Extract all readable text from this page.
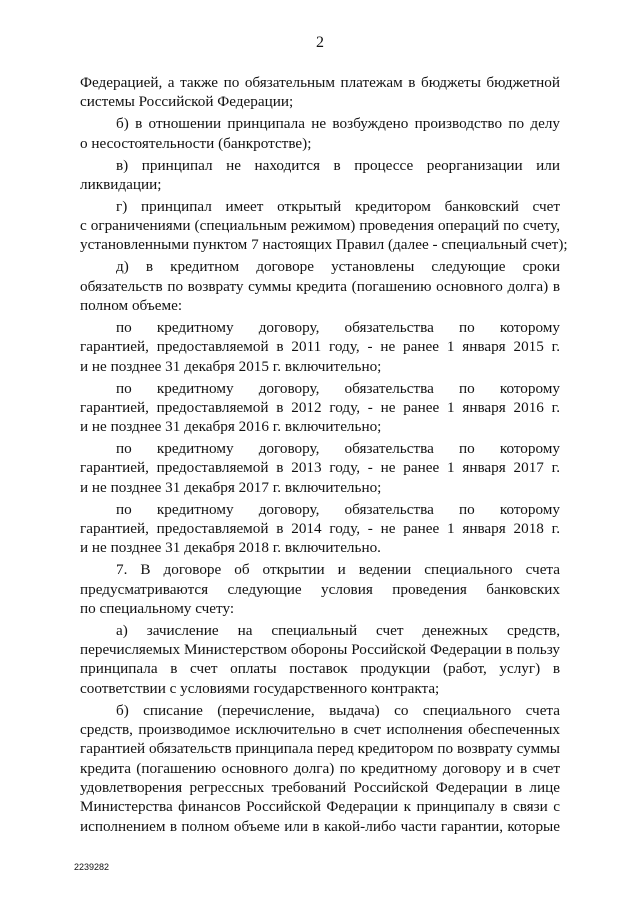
2
Федерацией, а также по обязательным платежам в бюджеты бюджетной
системы Российской Федерации;
б) в отношении принципала не возбуждено производство по делу
о несостоятельности (банкротстве);
в) принципал не находится в процессе реорганизации или
ликвидации;
г) принципал имеет открытый кредитором банковский счет
с ограничениями (специальным режимом) проведения операций по счету,
установленными пунктом 7 настоящих Правил (далее - специальный счет);
д) в кредитном договоре установлены следующие сроки
обязательств по возврату суммы кредита (погашению основного долга) в
полном объеме:
по кредитному договору, обязательства по которому
гарантией, предоставляемой в 2011 году, - не ранее 1 января 2015 г.
и не позднее 31 декабря 2015 г. включительно;
по кредитному договору, обязательства по которому
гарантией, предоставляемой в 2012 году, - не ранее 1 января 2016 г.
и не позднее 31 декабря 2016 г. включительно;
по кредитному договору, обязательства по которому
гарантией, предоставляемой в 2013 году, - не ранее 1 января 2017 г.
и не позднее 31 декабря 2017 г. включительно;
по кредитному договору, обязательства по которому
гарантией, предоставляемой в 2014 году, - не ранее 1 января 2018 г.
и не позднее 31 декабря 2018 г. включительно.
7. В договоре об открытии и ведении специального счета
предусматриваются следующие условия проведения банковских
по специальному счету:
а) зачисление на специальный счет денежных средств,
перечисляемых Министерством обороны Российской Федерации в пользу
принципала в счет оплаты поставок продукции (работ, услуг) в
соответствии с условиями государственного контракта;
б) списание (перечисление, выдача) со специального счета
средств, производимое исключительно в счет исполнения обеспеченных
гарантией обязательств принципала перед кредитором по возврату суммы
кредита (погашению основного долга) по кредитному договору и в счет
удовлетворения регрессных требований Российской Федерации в лице
Министерства финансов Российской Федерации к принципалу в связи с
исполнением в полном объеме или в какой-либо части гарантии, которые
2239282
